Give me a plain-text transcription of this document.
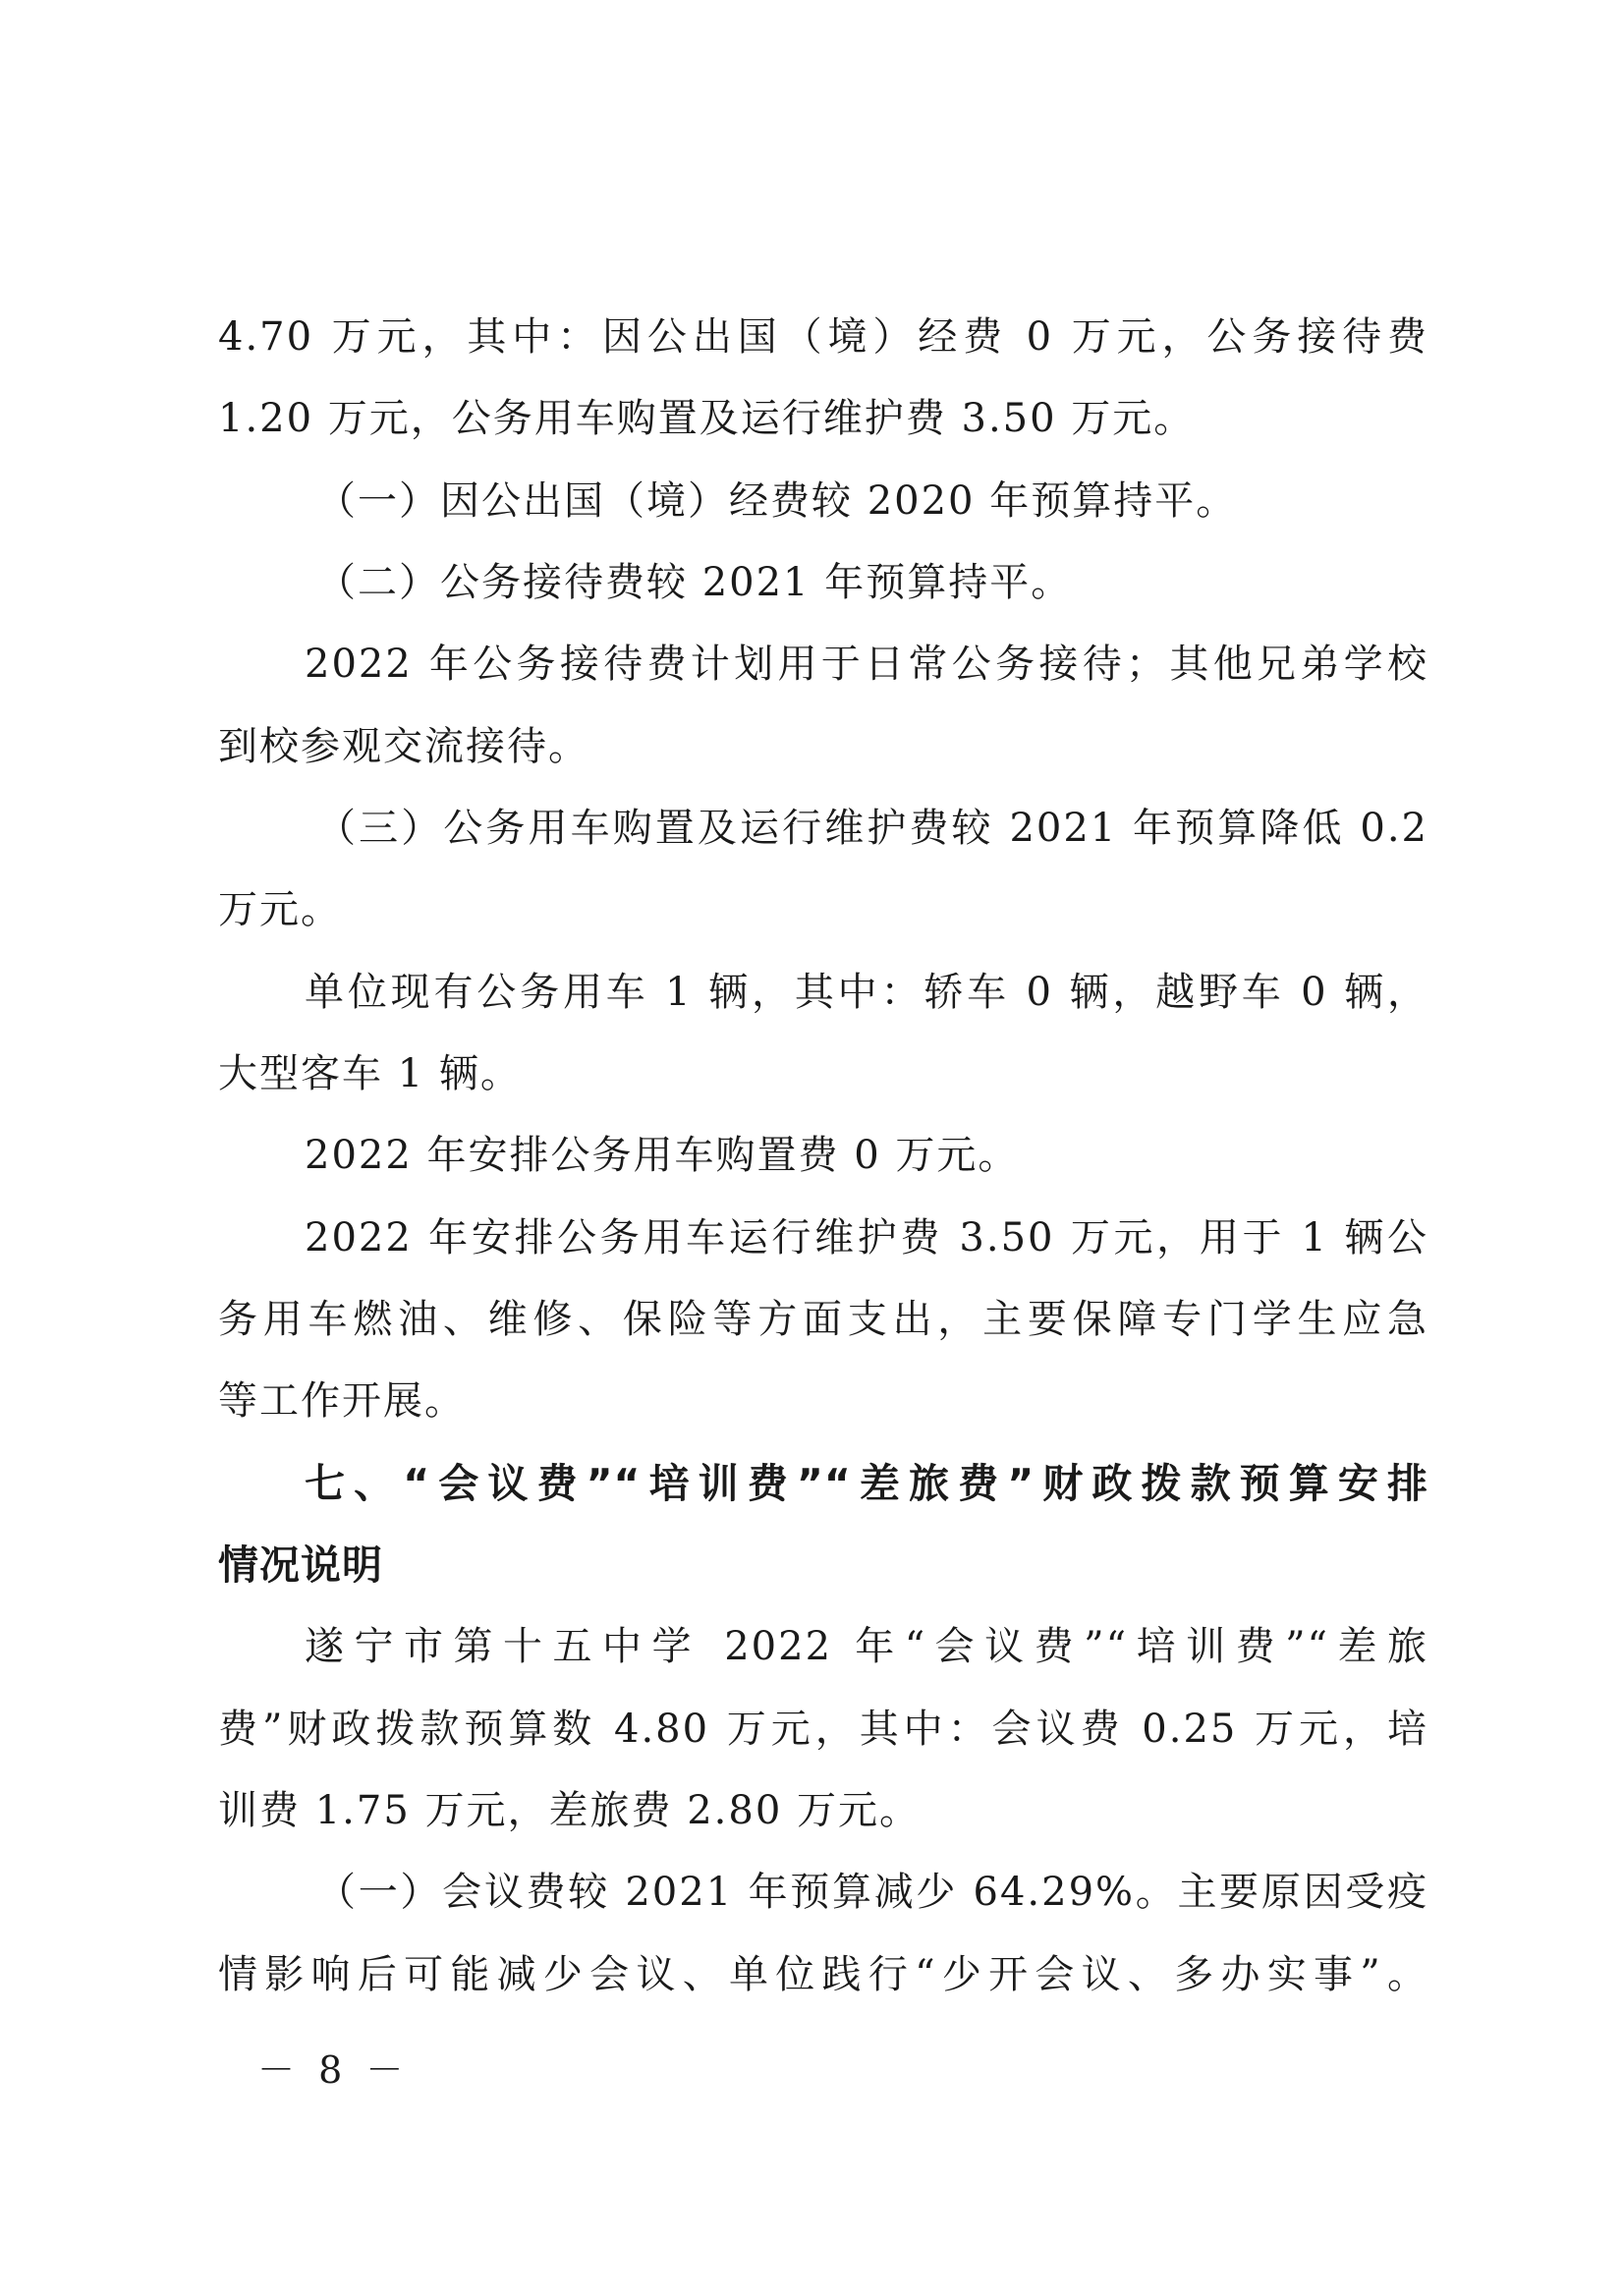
4.70 万元，其中：因公出国（境）经费 0 万元，公务接待费
1.20 万元，公务用车购置及运行维护费 3.50 万元。
（一）因公出国（境）经费较 2020 年预算持平。
（二）公务接待费较 2021 年预算持平。
2022 年公务接待费计划用于日常公务接待；其他兄弟学校
到校参观交流接待。
（三）公务用车购置及运行维护费较 2021 年预算降低 0.2
万元。
单位现有公务用车 1 辆，其中：轿车 0 辆，越野车 0 辆，
大型客车 1 辆。
2022 年安排公务用车购置费 0 万元。
2022 年安排公务用车运行维护费 3.50 万元，用于 1 辆公
务用车燃油、维修、保险等方面支出，主要保障专门学生应急
等工作开展。
七、“会议费”“培训费”“差旅费”财政拨款预算安排
情况说明
遂宁市第十五中学 2022 年“会议费”“培训费”“差旅
费”财政拨款预算数 4.80 万元，其中：会议费 0.25 万元，培
训费 1.75 万元，差旅费 2.80 万元。
（一）会议费较 2021 年预算减少 64.29%。主要原因受疫
情影响后可能减少会议、单位践行“少开会议、多办实事”。
－ 8 －
